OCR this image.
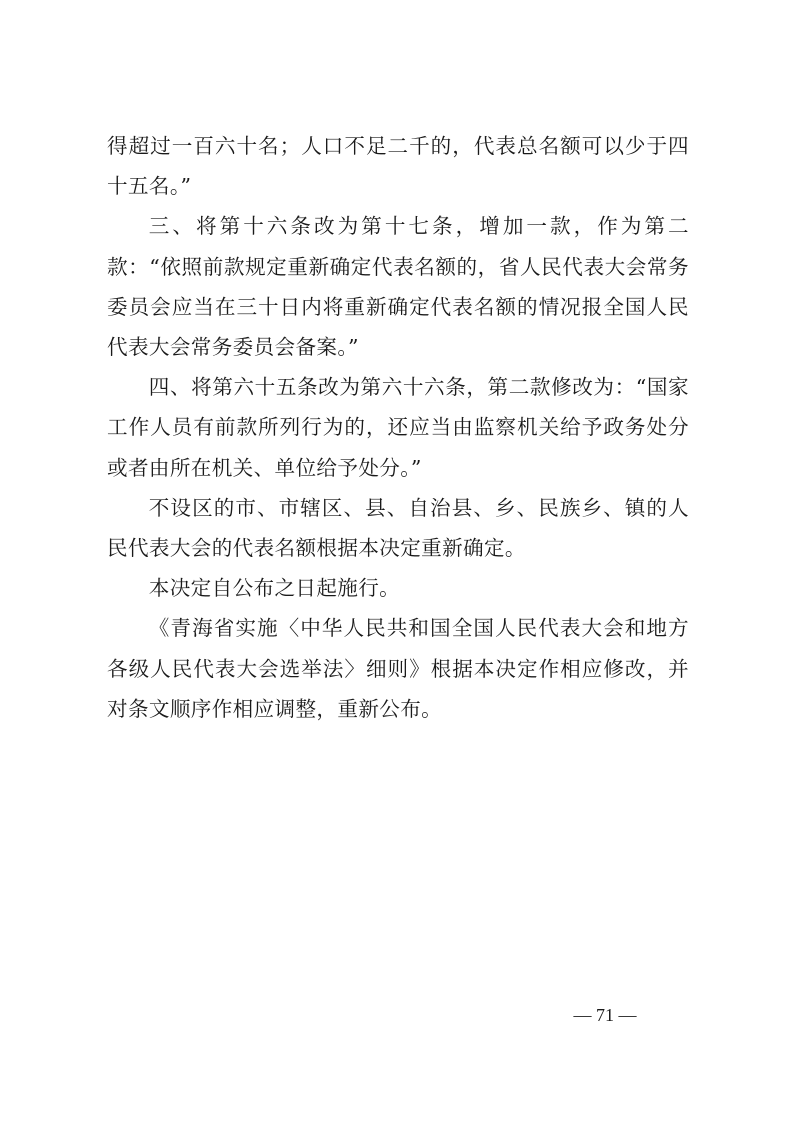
得超过一百六十名；人口不足二千的，代表总名额可以少于四十五名。”

三、将第十六条改为第十七条，增加一款，作为第二款：“依照前款规定重新确定代表名额的，省人民代表大会常务委员会应当在三十日内将重新确定代表名额的情况报全国人民代表大会常务委员会备案。”

四、将第六十五条改为第六十六条，第二款修改为：“国家工作人员有前款所列行为的，还应当由监察机关给予政务处分或者由所在机关、单位给予处分。”

不设区的市、市辖区、县、自治县、乡、民族乡、镇的人民代表大会的代表名额根据本决定重新确定。

本决定自公布之日起施行。

《青海省实施〈中华人民共和国全国人民代表大会和地方各级人民代表大会选举法〉细则》根据本决定作相应修改，并对条文顺序作相应调整，重新公布。

— 71 —
